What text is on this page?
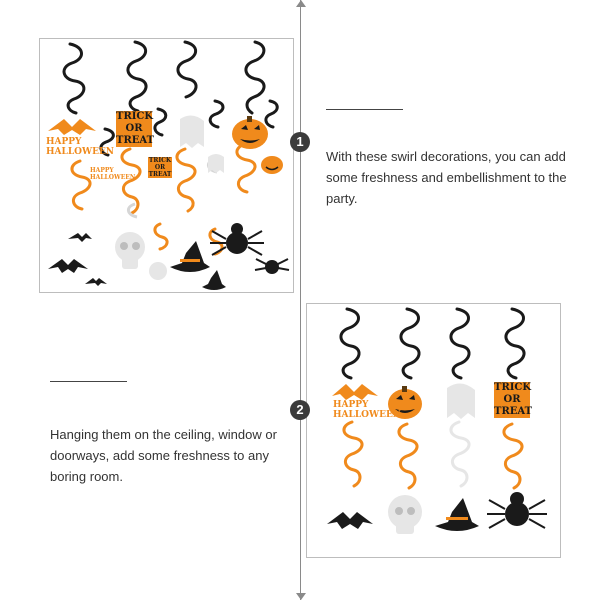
HAPPY
HALLOWEEN
HAPPY
HALLOWEEN
TRICK
OR
TREAT
TRICK
OR
TREAT
HAPPY
HALLOWEEN
TRICK
OR
TREAT
1
2
With these swirl decorations, you can add some freshness and embellishment to the party.
Hanging them on the ceiling, window or doorways, add some freshness to any boring room.
